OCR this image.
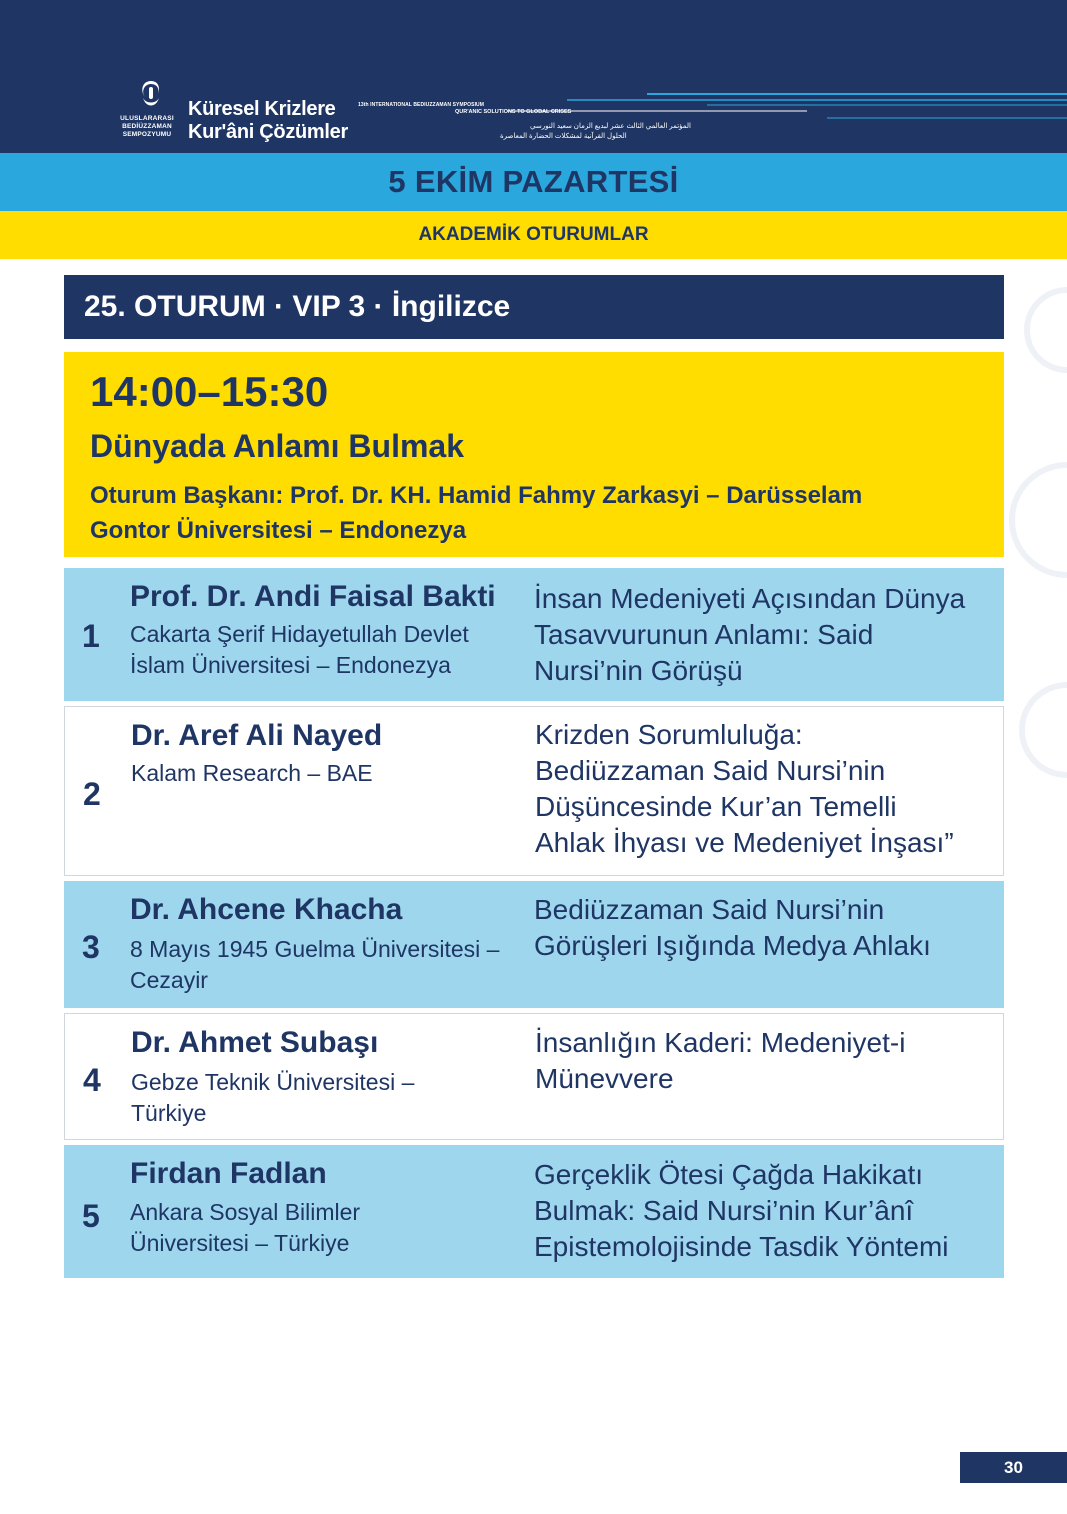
ULUSLARARASI
BEDİÜZZAMAN
SEMPOZYUMU
Küresel Krizlere
Kur'âni Çözümler
13th INTERNATIONAL BEDIUZZAMAN SYMPOSIUM
QUR'ANIC SOLUTIONS TO GLOBAL CRISES
المؤتمر العالمي الثالث عشر لبديع الزمان سعيد النورسي
الحلول القرآنية لمشكلات الحضارة المعاصرة
5 EKİM PAZARTESİ
AKADEMİK OTURUMLAR
25. OTURUM · VIP 3 · İngilizce
14:00–15:30
Dünyada Anlamı Bulmak
Oturum Başkanı: Prof. Dr. KH. Hamid Fahmy Zarkasyi – Darüsselam
Gontor Üniversitesi – Endonezya
1
Prof. Dr. Andi Faisal Bakti
Cakarta Şerif Hidayetullah Devlet
İslam Üniversitesi – Endonezya
İnsan Medeniyeti Açısından Dünya
Tasavvurunun Anlamı: Said
Nursi’nin Görüşü
2
Dr. Aref Ali Nayed
Kalam Research – BAE
Krizden Sorumluluğa:
Bediüzzaman Said Nursi’nin
Düşüncesinde Kur’an Temelli
Ahlak İhyası ve Medeniyet İnşası”
3
Dr. Ahcene Khacha
8 Mayıs 1945 Guelma Üniversitesi –
Cezayir
Bediüzzaman Said Nursi’nin
Görüşleri Işığında Medya Ahlakı
4
Dr. Ahmet Subaşı
Gebze Teknik Üniversitesi –
Türkiye
İnsanlığın Kaderi: Medeniyet-i
Münevvere
5
Firdan Fadlan
Ankara Sosyal Bilimler
Üniversitesi – Türkiye
Gerçeklik Ötesi Çağda Hakikatı
Bulmak: Said Nursi’nin Kur’ânî
Epistemolojisinde Tasdik Yöntemi
30
